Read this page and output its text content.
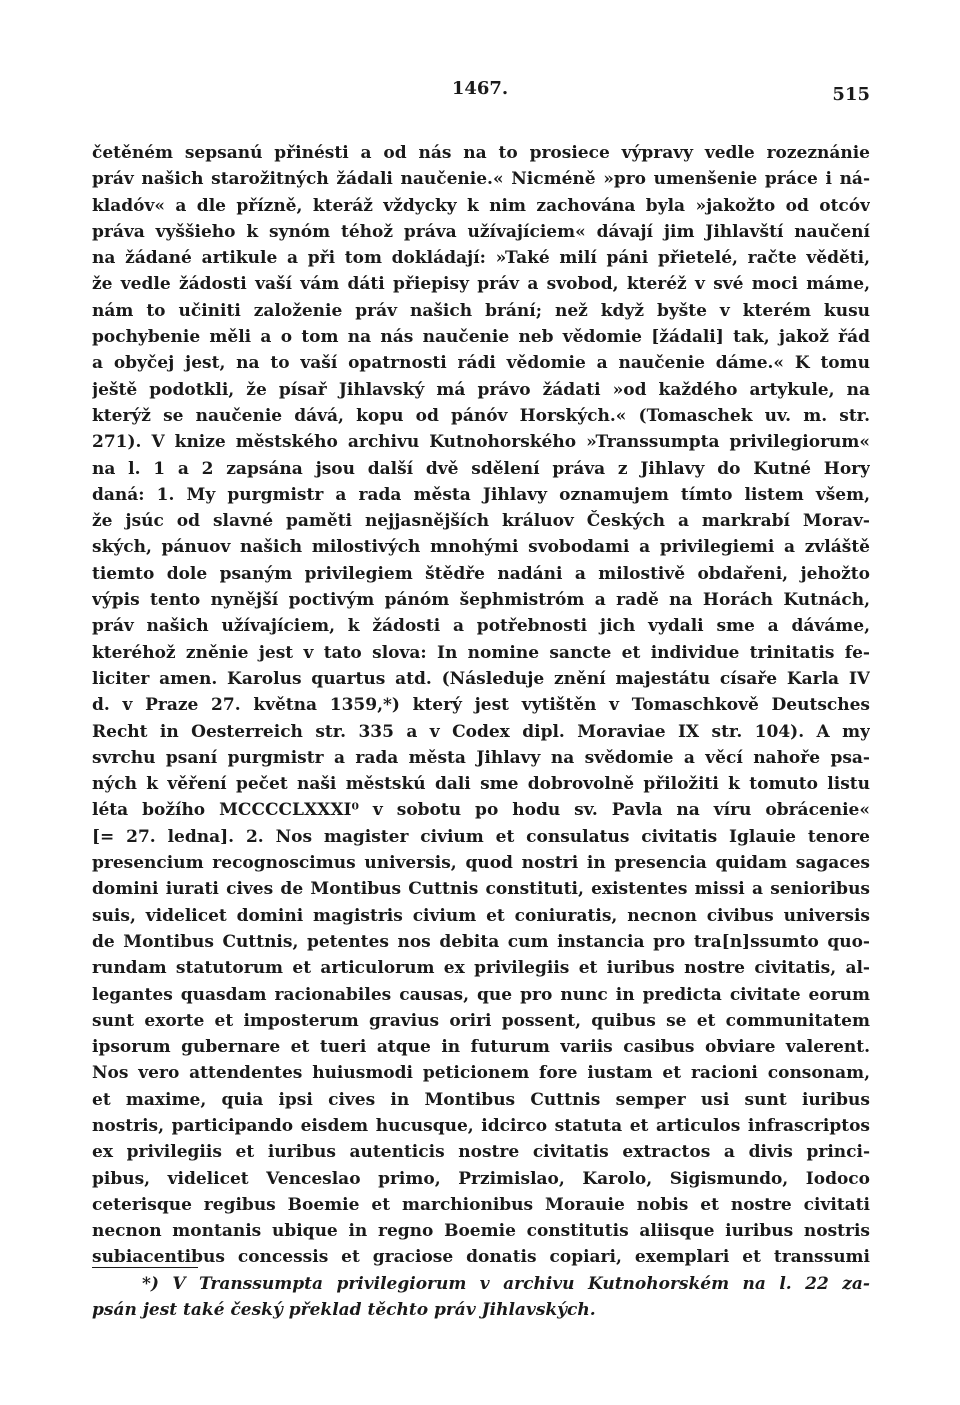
1467.	515
četěném sepsanú přinésti a od nás na to prosiece výpravy vedle rozeznánie
práv našich starožitných žádali naučenie.« Nicméně »pro umenšenie práce i ná-
kladóv« a dle přízně, kteráž vždycky k nim zachována byla »jakožto od otcóv
práva vyššieho k synóm téhož práva užívajíciem« dávají jim Jihlavští naučení
na žádané artikule a při tom dokládají: »Také milí páni přietelé, račte věděti,
že vedle žádosti vaší vám dáti přiepisy práv a svobod, kteréž v své moci máme,
nám to učiniti založenie práv našich brání; než když byšte v kterém kusu
pochybenie měli a o tom na nás naučenie neb vědomie [žádali] tak, jakož řád
a obyčej jest, na to vaší opatrnosti rádi vědomie a naučenie dáme.« K tomu
ještě podotkli, že písař Jihlavský má právo žádati »od každého artykule, na
kterýž se naučenie dává, kopu od pánóv Horských.« (Tomaschek uv. m. str.
271). V knize městského archivu Kutnohorského »Transsumpta privilegiorum«
na l. 1 a 2 zapsána jsou další dvě sdělení práva z Jihlavy do Kutné Hory
daná: 1. My purgmistr a rada města Jihlavy oznamujem tímto listem všem,
že jsúc od slavné paměti nejjasnějších králuov Českých a markrabí Morav-
ských, pánuov našich milostivých mnohými svobodami a privilegiemi a zvláště
tiemto dole psaným privilegiem štědře nadáni a milostivě obdařeni, jehožto
výpis tento nynější poctivým pánóm šephmistróm a radě na Horách Kutnách,
práv našich užívajíciem, k žádosti a potřebnosti jich vydali sme a dáváme,
kteréhož zněnie jest v tato slova: In nomine sancte et individue trinitatis fe-
liciter amen. Karolus quartus atd. (Následuje znění majestátu císaře Karla IV
d. v Praze 27. května 1359,*) který jest vytištěn v Tomaschkově Deutsches
Recht in Oesterreich str. 335 a v Codex dipl. Moraviae IX str. 104). A my
svrchu psaní purgmistr a rada města Jihlavy na svědomie a věcí nahoře psa-
ných k věření pečet naši městskú dali sme dobrovolně přiložiti k tomuto listu
léta božího MCCCCLXXXI⁰ v sobotu po hodu sv. Pavla na víru obrácenie«
[= 27. ledna]. 2. Nos magister civium et consulatus civitatis Iglauie tenore
presencium recognoscimus universis, quod nostri in presencia quidam sagaces
domini iurati cives de Montibus Cuttnis constituti, existentes missi a senioribus
suis, videlicet domini magistris civium et coniuratis, necnon civibus universis
de Montibus Cuttnis, petentes nos debita cum instancia pro tra[n]ssumto quo-
rundam statutorum et articulorum ex privilegiis et iuribus nostre civitatis, al-
legantes quasdam racionabiles causas, que pro nunc in predicta civitate eorum
sunt exorte et imposterum gravius oriri possent, quibus se et communitatem
ipsorum gubernare et tueri atque in futurum variis casibus obviare valerent.
Nos vero attendentes huiusmodi peticionem fore iustam et racioni consonam,
et maxime, quia ipsi cives in Montibus Cuttnis semper usi sunt iuribus
nostris, participando eisdem hucusque, idcirco statuta et articulos infrascriptos
ex privilegiis et iuribus autenticis nostre civitatis extractos a divis princi-
pibus, videlicet Venceslao primo, Przimislao, Karolo, Sigismundo, Iodoco
ceterisque regibus Boemie et marchionibus Morauie nobis et nostre civitati
necnon montanis ubique in regno Boemie constitutis aliisque iuribus nostris
subiacentibus concessis et graciose donatis copiari, exemplari et transsumi
*) V Transsumpta privilegiorum v archivu Kutnohorském na l. 22 za-
psán jest také český překlad těchto práv Jihlavských.
